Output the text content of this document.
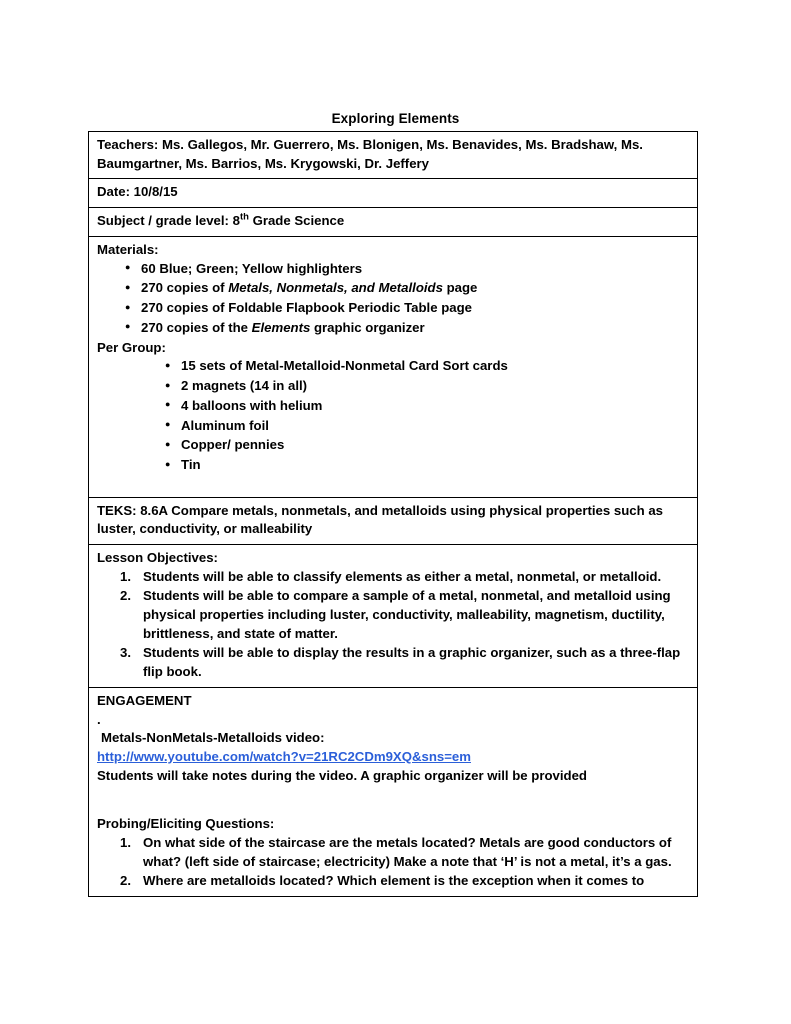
Exploring Elements

Teachers: Ms. Gallegos, Mr. Guerrero, Ms. Blonigen, Ms. Benavides, Ms. Bradshaw, Ms. Baumgartner, Ms. Barrios, Ms. Krygowski, Dr. Jeffery

Date: 10/8/15

Subject / grade level: 8th Grade Science

Materials:

● 60 Blue; Green; Yellow highlighters
● 270 copies of Metals, Nonmetals, and Metalloids page
● 270 copies of Foldable Flapbook Periodic Table page
● 270 copies of the Elements graphic organizer

Per Group:

● 15 sets of Metal-Metalloid-Nonmetal Card Sort cards
● 2 magnets (14 in all)
● 4 balloons with helium
● Aluminum foil
● Copper/ pennies
● Tin

TEKS: 8.6A Compare metals, nonmetals, and metalloids using physical properties such as luster, conductivity, or malleability

Lesson Objectives:

Students will be able to classify elements as either a metal, nonmetal, or metalloid.
Students will be able to compare a sample of a metal, nonmetal, and metalloid using physical properties including luster, conductivity, malleability, magnetism, ductility, brittleness, and state of matter.
Students will be able to display the results in a graphic organizer, such as a three-flap flip book.

ENGAGEMENT

.

Metals-NonMetals-Metalloids video:

http://www.youtube.com/watch?v=21RC2CDm9XQ&sns=em

Students will take notes during the video. A graphic organizer will be provided

Probing/Eliciting Questions:

On what side of the staircase are the metals located? Metals are good conductors of what? (left side of staircase; electricity) Make a note that ‘H’ is not a metal, it’s a gas.
Where are metalloids located? Which element is the exception when it comes to
